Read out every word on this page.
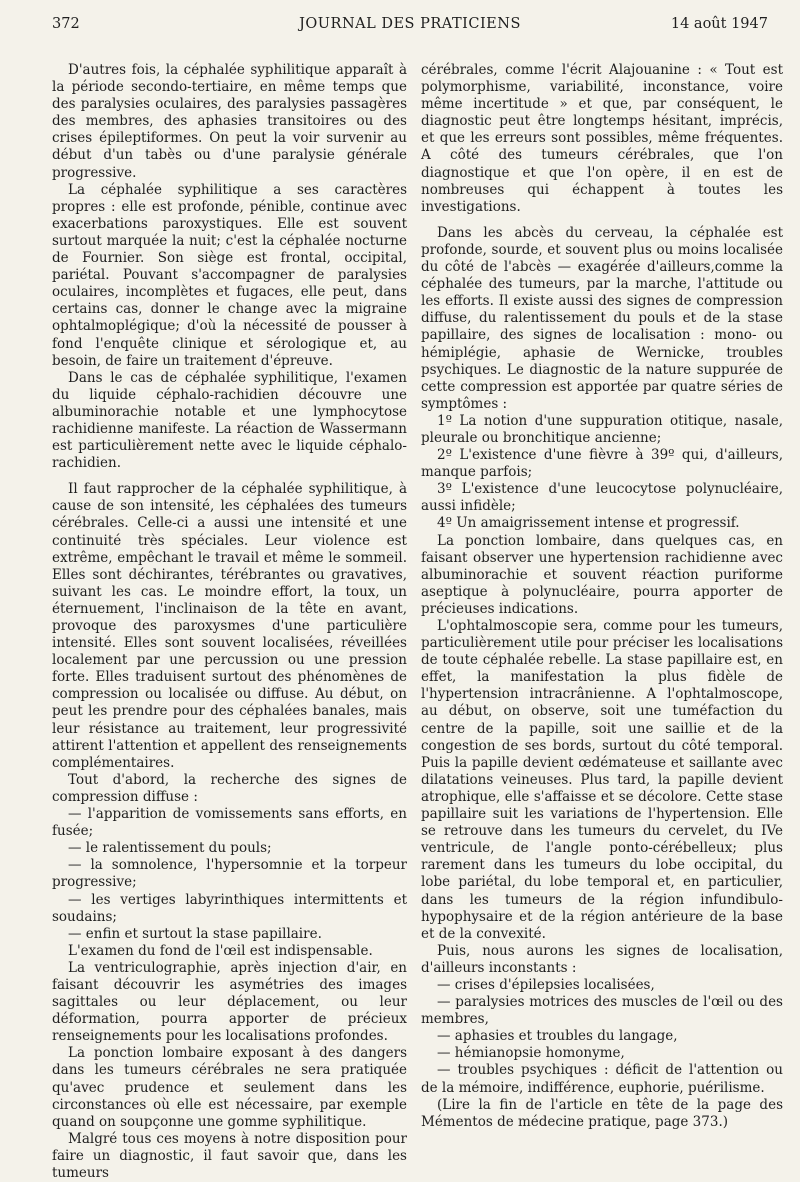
372	JOURNAL DES PRATICIENS	14 août 1947

D'autres fois, la céphalée syphilitique apparaît à la période secondo-tertiaire, en même temps que des paralysies oculaires, des paralysies passagères des membres, des aphasies transitoires ou des crises épileptiformes. On peut la voir survenir au début d'un tabès ou d'une paralysie générale progressive.

La céphalée syphilitique a ses caractères propres : elle est profonde, pénible, continue avec exacerbations paroxystiques. Elle est souvent surtout marquée la nuit; c'est la céphalée nocturne de Fournier. Son siège est frontal, occipital, pariétal. Pouvant s'accompagner de paralysies oculaires, incomplètes et fugaces, elle peut, dans certains cas, donner le change avec la migraine ophtalmoplégique; d'où la nécessité de pousser à fond l'enquête clinique et sérologique et, au besoin, de faire un traitement d'épreuve.

Dans le cas de céphalée syphilitique, l'examen du liquide céphalo-rachidien découvre une albuminorachie notable et une lymphocytose rachidienne manifeste. La réaction de Wassermann est particulièrement nette avec le liquide céphalo-rachidien.

Il faut rapprocher de la céphalée syphilitique, à cause de son intensité, les céphalées des tumeurs cérébrales. Celle-ci a aussi une intensité et une continuité très spéciales. Leur violence est extrême, empêchant le travail et même le sommeil. Elles sont déchirantes, térébrantes ou gravatives, suivant les cas. Le moindre effort, la toux, un éternuement, l'inclinaison de la tête en avant, provoque des paroxysmes d'une particulière intensité. Elles sont souvent localisées, réveillées localement par une percussion ou une pression forte. Elles traduisent surtout des phénomènes de compression ou localisée ou diffuse. Au début, on peut les prendre pour des céphalées banales, mais leur résistance au traitement, leur progressivité attirent l'attention et appellent des renseignements complémentaires.

Tout d'abord, la recherche des signes de compression diffuse :

— l'apparition de vomissements sans efforts, en fusée;

— le ralentissement du pouls;

— la somnolence, l'hypersomnie et la torpeur progressive;

— les vertiges labyrinthiques intermittents et soudains;

— enfin et surtout la stase papillaire.

L'examen du fond de l'œil est indispensable.

La ventriculographie, après injection d'air, en faisant découvrir les asymétries des images sagittales ou leur déplacement, ou leur déformation, pourra apporter de précieux renseignements pour les localisations profondes.

La ponction lombaire exposant à des dangers dans les tumeurs cérébrales ne sera pratiquée qu'avec prudence et seulement dans les circonstances où elle est nécessaire, par exemple quand on soupçonne une gomme syphilitique.

Malgré tous ces moyens à notre disposition pour faire un diagnostic, il faut savoir que, dans les tumeurs

cérébrales, comme l'écrit Alajouanine : « Tout est polymorphisme, variabilité, inconstance, voire même incertitude » et que, par conséquent, le diagnostic peut être longtemps hésitant, imprécis, et que les erreurs sont possibles, même fréquentes. A côté des tumeurs cérébrales, que l'on diagnostique et que l'on opère, il en est de nombreuses qui échappent à toutes les investigations.

Dans les abcès du cerveau, la céphalée est profonde, sourde, et souvent plus ou moins localisée du côté de l'abcès — exagérée d'ailleurs,comme la céphalée des tumeurs, par la marche, l'attitude ou les efforts. Il existe aussi des signes de compression diffuse, du ralentissement du pouls et de la stase papillaire, des signes de localisation : mono- ou hémiplégie, aphasie de Wernicke, troubles psychiques. Le diagnostic de la nature suppurée de cette compression est apportée par quatre séries de symptômes :

1º La notion d'une suppuration otitique, nasale, pleurale ou bronchitique ancienne;

2º L'existence d'une fièvre à 39º qui, d'ailleurs, manque parfois;

3º L'existence d'une leucocytose polynucléaire, aussi infidèle;

4º Un amaigrissement intense et progressif.

La ponction lombaire, dans quelques cas, en faisant observer une hypertension rachidienne avec albuminorachie et souvent réaction puriforme aseptique à polynucléaire, pourra apporter de précieuses indications.

L'ophtalmoscopie sera, comme pour les tumeurs, particulièrement utile pour préciser les localisations de toute céphalée rebelle. La stase papillaire est, en effet, la manifestation la plus fidèle de l'hypertension intracrânienne. A l'ophtalmoscope, au début, on observe, soit une tuméfaction du centre de la papille, soit une saillie et de la congestion de ses bords, surtout du côté temporal. Puis la papille devient œdémateuse et saillante avec dilatations veineuses. Plus tard, la papille devient atrophique, elle s'affaisse et se décolore. Cette stase papillaire suit les variations de l'hypertension. Elle se retrouve dans les tumeurs du cervelet, du IVe ventricule, de l'angle ponto-cérébelleux; plus rarement dans les tumeurs du lobe occipital, du lobe pariétal, du lobe temporal et, en particulier, dans les tumeurs de la région infundibulo-hypophysaire et de la région antérieure de la base et de la convexité.

Puis, nous aurons les signes de localisation, d'ailleurs inconstants :

— crises d'épilepsies localisées,

— paralysies motrices des muscles de l'œil ou des membres,

— aphasies et troubles du langage,

— hémianopsie homonyme,

— troubles psychiques : déficit de l'attention ou de la mémoire, indifférence, euphorie, puérilisme.

(Lire la fin de l'article en tête de la page des Mémentos de médecine pratique, page 373.)
